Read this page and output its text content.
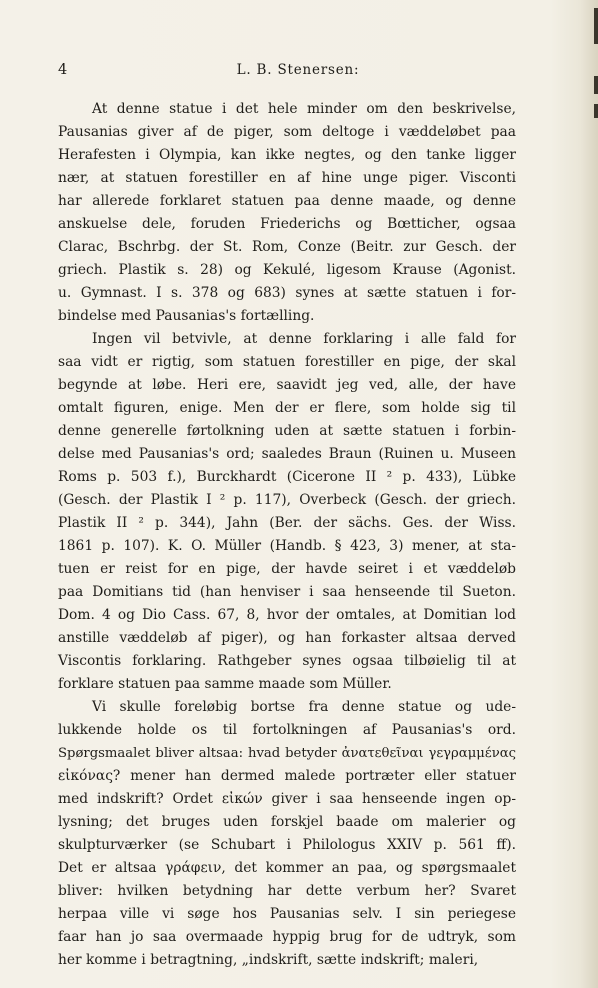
4	L. B. Stenersen:
At denne statue i det hele minder om den beskrivelse,
Pausanias giver af de piger, som deltoge i væddeløbet paa
Herafesten i Olympia, kan ikke negtes, og den tanke ligger
nær, at statuen forestiller en af hine unge piger. Visconti
har allerede forklaret statuen paa denne maade, og denne
anskuelse dele, foruden Friederichs og Bœtticher, ogsaa
Clarac, Bschrbg. der St. Rom, Conze (Beitr. zur Gesch. der
griech. Plastik s. 28) og Kekulé, ligesom Krause (Agonist.
u. Gymnast. I s. 378 og 683) synes at sætte statuen i for-
bindelse med Pausanias's fortælling.
Ingen vil betvivle, at denne forklaring i alle fald for
saa vidt er rigtig, som statuen forestiller en pige, der skal
begynde at løbe. Heri ere, saavidt jeg ved, alle, der have
omtalt figuren, enige. Men der er flere, som holde sig til
denne generelle førtolkning uden at sætte statuen i forbin-
delse med Pausanias's ord; saaledes Braun (Ruinen u. Museen
Roms p. 503 f.), Burckhardt (Cicerone II ² p. 433), Lübke
(Gesch. der Plastik I ² p. 117), Overbeck (Gesch. der griech.
Plastik II ² p. 344), Jahn (Ber. der sächs. Ges. der Wiss.
1861 p. 107). K. O. Müller (Handb. § 423, 3) mener, at sta-
tuen er reist for en pige, der havde seiret i et væddeløb
paa Domitians tid (han henviser i saa henseende til Sueton.
Dom. 4 og Dio Cass. 67, 8, hvor der omtales, at Domitian lod
anstille væddeløb af piger), og han forkaster altsaa derved
Viscontis forklaring. Rathgeber synes ogsaa tilbøielig til at
forklare statuen paa samme maade som Müller.
Vi skulle foreløbig bortse fra denne statue og ude-
lukkende holde os til fortolkningen af Pausanias's ord.
Spørgsmaalet bliver altsaa: hvad betyder ἀνατεθεῖναι γεγραμμένας
εἰκόνας? mener han dermed malede portræter eller statuer
med indskrift? Ordet εἰκών giver i saa henseende ingen op-
lysning; det bruges uden forskjel baade om malerier og
skulpturværker (se Schubart i Philologus XXIV p. 561 ff).
Det er altsaa γράφειν, det kommer an paa, og spørgsmaalet
bliver: hvilken betydning har dette verbum her? Svaret
herpaa ville vi søge hos Pausanias selv. I sin periegese
faar han jo saa overmaade hyppig brug for de udtryk, som
her komme i betragtning, „indskrift, sætte indskrift; maleri,
